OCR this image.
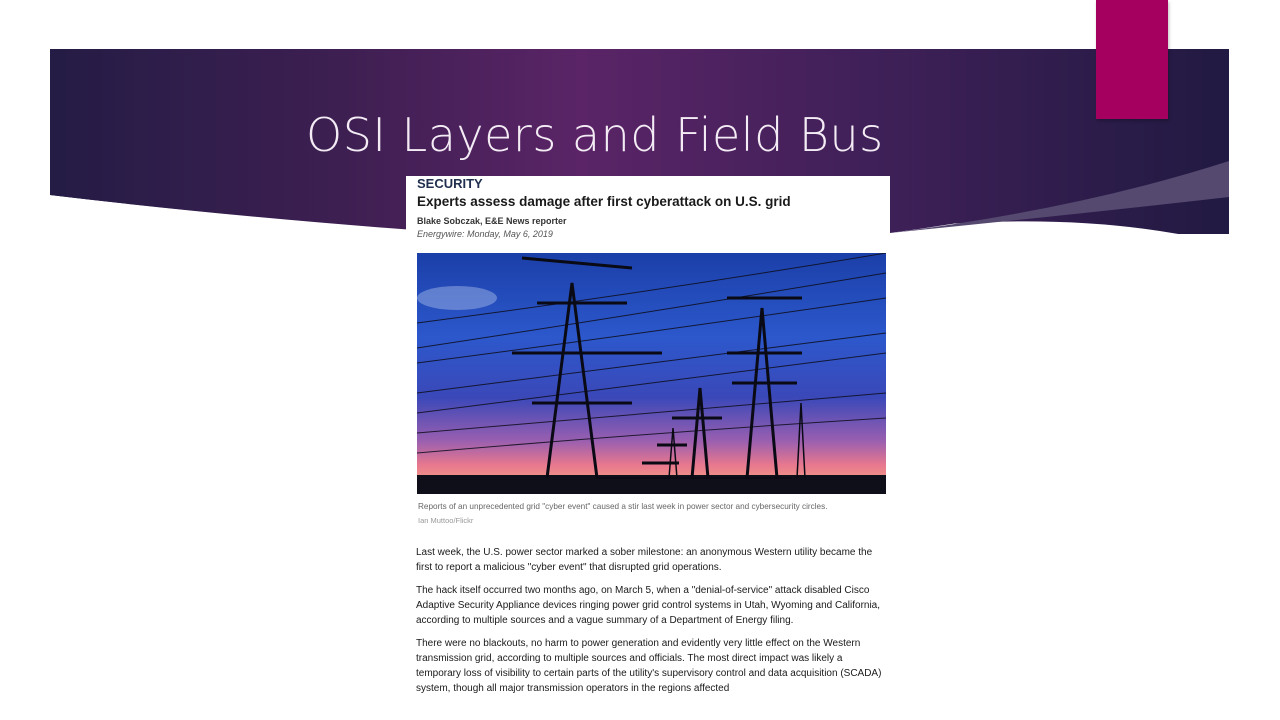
OSI Layers and Field Bus
SECURITY
Experts assess damage after first cyberattack on U.S. grid
Blake Sobczak, E&E News reporter
Energywire: Monday, May 6, 2019
Reports of an unprecedented grid "cyber event" caused a stir last week in power sector and cybersecurity circles.
Ian Muttoo/Flickr

Last week, the U.S. power sector marked a sober milestone: an anonymous Western utility became the first to report a malicious "cyber event" that disrupted grid operations.

The hack itself occurred two months ago, on March 5, when a "denial-of-service" attack disabled Cisco Adaptive Security Appliance devices ringing power grid control systems in Utah, Wyoming and California, according to multiple sources and a vague summary of a Department of Energy filing.

There were no blackouts, no harm to power generation and evidently very little effect on the Western transmission grid, according to multiple sources and officials. The most direct impact was likely a temporary loss of visibility to certain parts of the utility's supervisory control and data acquisition (SCADA) system, though all major transmission operators in the regions affected
